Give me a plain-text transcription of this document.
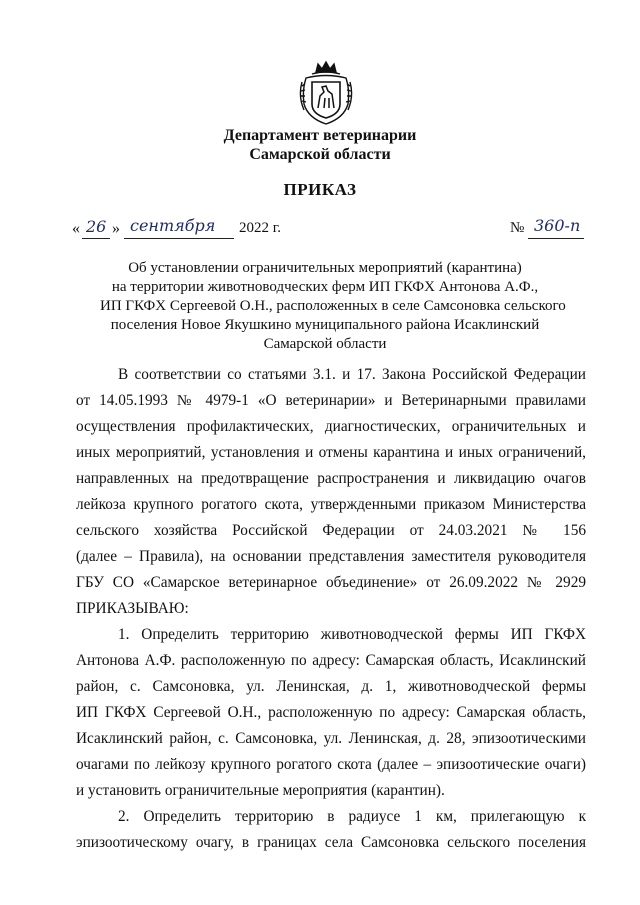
Департамент ветеринарии
Самарской области
ПРИКАЗ
« 26 » сентября 2022 г.	№ 360-п
Об установлении ограничительных мероприятий (карантина)
на территории животноводческих ферм ИП ГКФХ Антонова А.Ф.,
ИП ГКФХ Сергеевой О.Н., расположенных в селе Самсоновка сельского
поселения Новое Якушкино муниципального района Исаклинский
Самарской области
В соответствии со статьями 3.1. и 17. Закона Российской Федерации
от 14.05.1993 № 4979-1 «О ветеринарии» и Ветеринарными правилами
осуществления профилактических, диагностических, ограничительных и
иных мероприятий, установления и отмены карантина и иных ограничений,
направленных на предотвращение распространения и ликвидацию очагов
лейкоза крупного рогатого скота, утвержденными приказом Министерства
сельского хозяйства Российской Федерации от 24.03.2021 № 156
(далее – Правила), на основании представления заместителя руководителя
ГБУ СО «Самарское ветеринарное объединение» от 26.09.2022 № 2929
ПРИКАЗЫВАЮ:
1. Определить территорию животноводческой фермы ИП ГКФХ
Антонова А.Ф. расположенную по адресу: Самарская область, Исаклинский
район, с. Самсоновка, ул. Ленинская, д. 1, животноводческой фермы
ИП ГКФХ Сергеевой О.Н., расположенную по адресу: Самарская область,
Исаклинский район, с. Самсоновка, ул. Ленинская, д. 28, эпизоотическими
очагами по лейкозу крупного рогатого скота (далее – эпизоотические очаги)
и установить ограничительные мероприятия (карантин).
2. Определить территорию в радиусе 1 км, прилегающую к
эпизоотическому очагу, в границах села Самсоновка сельского поселения
